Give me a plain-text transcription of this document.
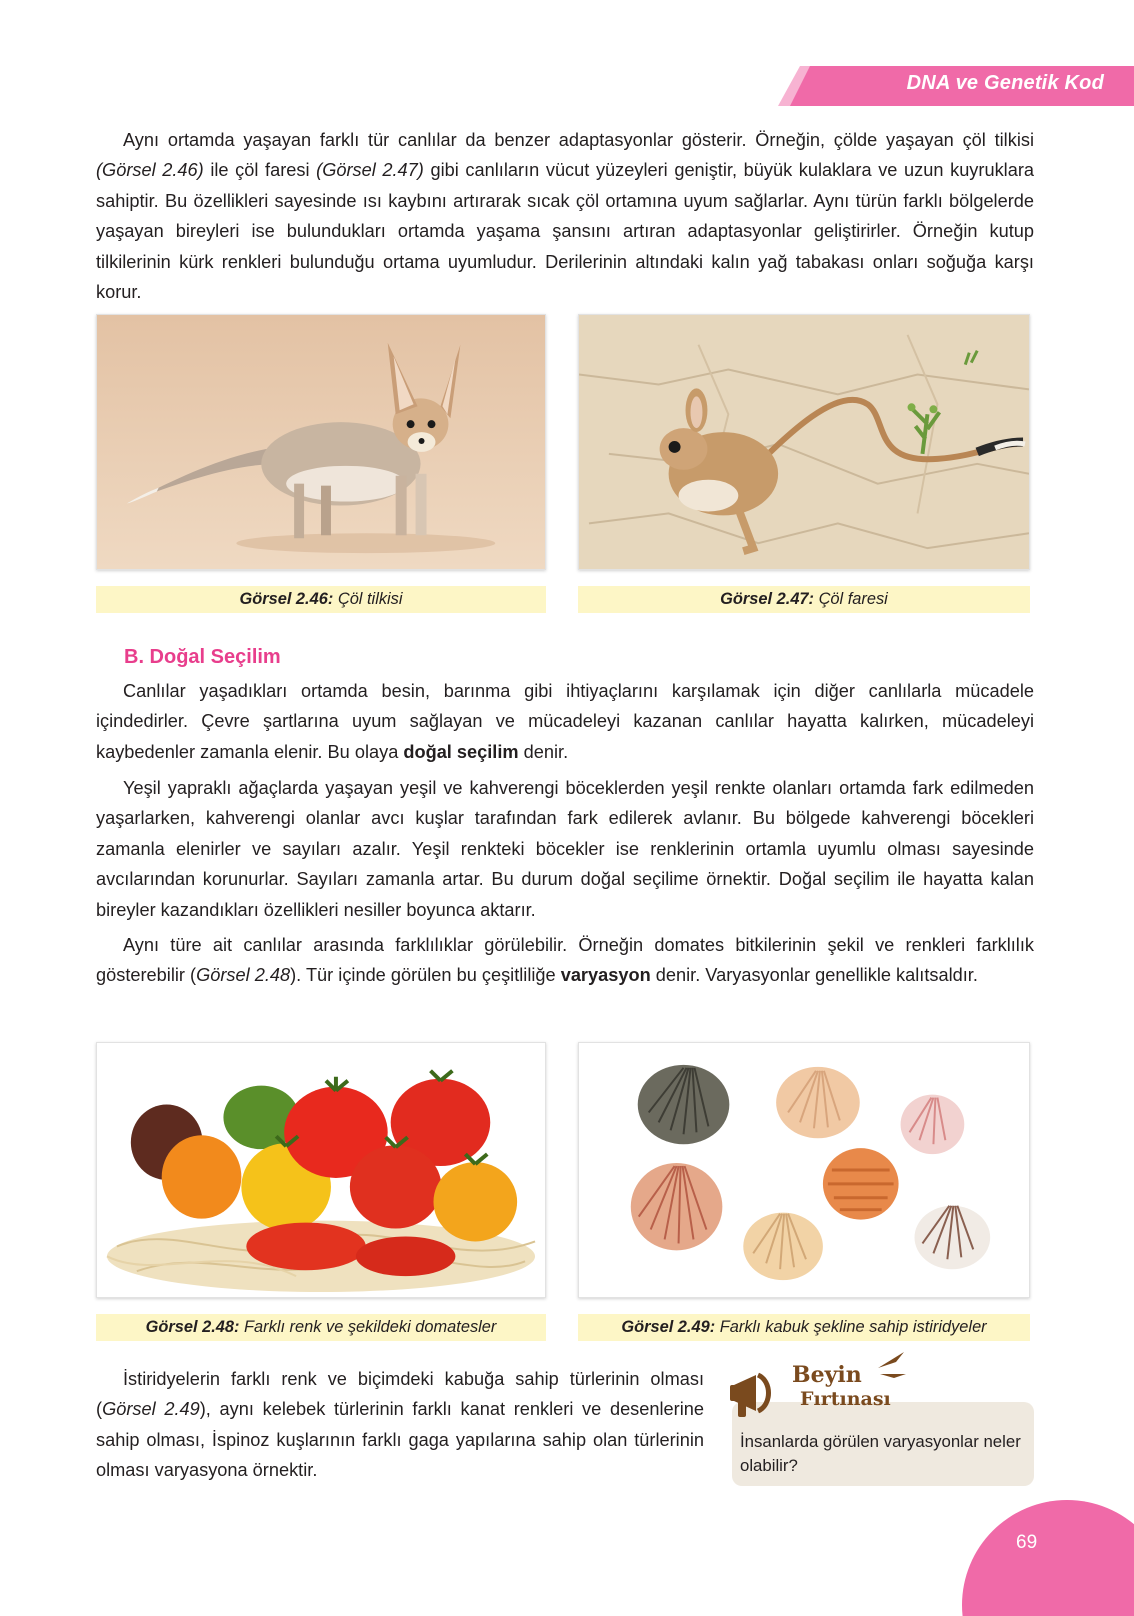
DNA ve Genetik Kod
Aynı ortamda yaşayan farklı tür canlılar da benzer adaptasyonlar gösterir. Örneğin, çölde yaşayan çöl tilkisi (Görsel 2.46) ile çöl faresi (Görsel 2.47) gibi canlıların vücut yüzeyleri geniştir, büyük kulaklara ve uzun kuyruklara sahiptir. Bu özellikleri sayesinde ısı kaybını artırarak sıcak çöl ortamına uyum sağlarlar. Aynı türün farklı bölgelerde yaşayan bireyleri ise bulundukları ortamda yaşama şansını artıran adaptasyonlar geliştirirler. Örneğin kutup tilkilerinin kürk renkleri bulunduğu ortama uyumludur. Derilerinin altındaki kalın yağ tabakası onları soğuğa karşı korur.
Görsel 2.46: Çöl tilkisi	Görsel 2.47: Çöl faresi
B. Doğal Seçilim
Canlılar yaşadıkları ortamda besin, barınma gibi ihtiyaçlarını karşılamak için diğer canlılarla mücadele içindedirler. Çevre şartlarına uyum sağlayan ve mücadeleyi kazanan canlılar hayatta kalırken, mücadeleyi kaybedenler zamanla elenir. Bu olaya doğal seçilim denir.
Yeşil yapraklı ağaçlarda yaşayan yeşil ve kahverengi böceklerden yeşil renkte olanları ortamda fark edilmeden yaşarlarken, kahverengi olanlar avcı kuşlar tarafından fark edilerek avlanır. Bu bölgede kahverengi böcekleri zamanla elenirler ve sayıları azalır. Yeşil renkteki böcekler ise renklerinin ortamla uyumlu olması sayesinde avcılarından korunurlar. Sayıları zamanla artar. Bu durum doğal seçilime örnektir. Doğal seçilim ile hayatta kalan bireyler kazandıkları özellikleri nesiller boyunca aktarır.
Aynı türe ait canlılar arasında farklılıklar görülebilir. Örneğin domates bitkilerinin şekil ve renkleri farklılık gösterebilir (Görsel 2.48). Tür içinde görülen bu çeşitliliğe varyasyon denir. Varyasyonlar genellikle kalıtsaldır.
Görsel 2.48: Farklı renk ve şekildeki domatesler	Görsel 2.49: Farklı kabuk şekline sahip istiridyeler
İstiridyelerin farklı renk ve biçimdeki kabuğa sahip türlerinin olması (Görsel 2.49), aynı kelebek türlerinin farklı kanat renkleri ve desenlerine sahip olması, İspinoz kuşlarının farklı gaga yapılarına sahip olan türlerinin olması varyasyona örnektir.
Beyin
Fırtınası
İnsanlarda görülen varyasyonlar neler olabilir?
69
